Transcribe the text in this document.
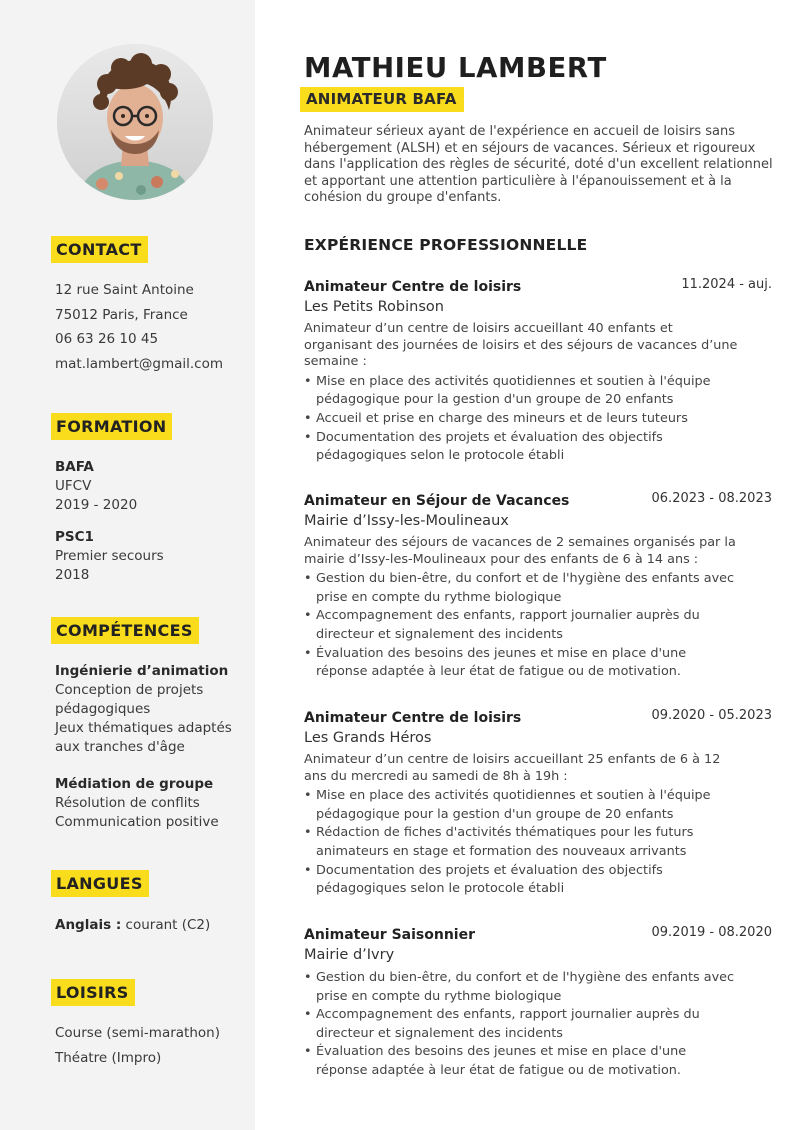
CONTACT
12 rue Saint Antoine
75012 Paris, France
06 63 26 10 45
mat.lambert@gmail.com
FORMATION
BAFA
UFCV
2019 - 2020
PSC1
Premier secours
2018
COMPÉTENCES
Ingénierie d’animation
Conception de projets pédagogiques
Jeux thématiques adaptés aux tranches d'âge
Médiation de groupe
Résolution de conflits
Communication positive
LANGUES
Anglais : courant (C2)
LOISIRS
Course (semi-marathon)
Théatre (Impro)
MATHIEU LAMBERT
ANIMATEUR BAFA
Animateur sérieux ayant de l'expérience en accueil de loisirs sans hébergement (ALSH) et en séjours de vacances. Sérieux et rigoureux dans l'application des règles de sécurité, doté d'un excellent relationnel et apportant une attention particulière à l'épanouissement et à la cohésion du groupe d'enfants.
EXPÉRIENCE PROFESSIONNELLE
Animateur Centre de loisirs	11.2024 - auj.
Les Petits Robinson
Animateur d’un centre de loisirs accueillant 40 enfants et organisant des journées de loisirs et des séjours de vacances d’une semaine :
• Mise en place des activités quotidiennes et soutien à l'équipe pédagogique pour la gestion d'un groupe de 20 enfants
• Accueil et prise en charge des mineurs et de leurs tuteurs
• Documentation des projets et évaluation des objectifs pédagogiques selon le protocole établi
Animateur en Séjour de Vacances	06.2023 - 08.2023
Mairie d’Issy-les-Moulineaux
Animateur des séjours de vacances de 2 semaines organisés par la mairie d’Issy-les-Moulineaux pour des enfants de 6 à 14 ans :
• Gestion du bien-être, du confort et de l'hygiène des enfants avec prise en compte du rythme biologique
• Accompagnement des enfants, rapport journalier auprès du directeur et signalement des incidents
• Évaluation des besoins des jeunes et mise en place d'une réponse adaptée à leur état de fatigue ou de motivation.
Animateur Centre de loisirs	09.2020 - 05.2023
Les Grands Héros
Animateur d’un centre de loisirs accueillant 25 enfants de 6 à 12 ans du mercredi au samedi de 8h à 19h :
• Mise en place des activités quotidiennes et soutien à l'équipe pédagogique pour la gestion d'un groupe de 20 enfants
• Rédaction de fiches d'activités thématiques pour les futurs animateurs en stage et formation des nouveaux arrivants
• Documentation des projets et évaluation des objectifs pédagogiques selon le protocole établi
Animateur Saisonnier	09.2019 - 08.2020
Mairie d’Ivry
• Gestion du bien-être, du confort et de l'hygiène des enfants avec prise en compte du rythme biologique
• Accompagnement des enfants, rapport journalier auprès du directeur et signalement des incidents
• Évaluation des besoins des jeunes et mise en place d'une réponse adaptée à leur état de fatigue ou de motivation.
